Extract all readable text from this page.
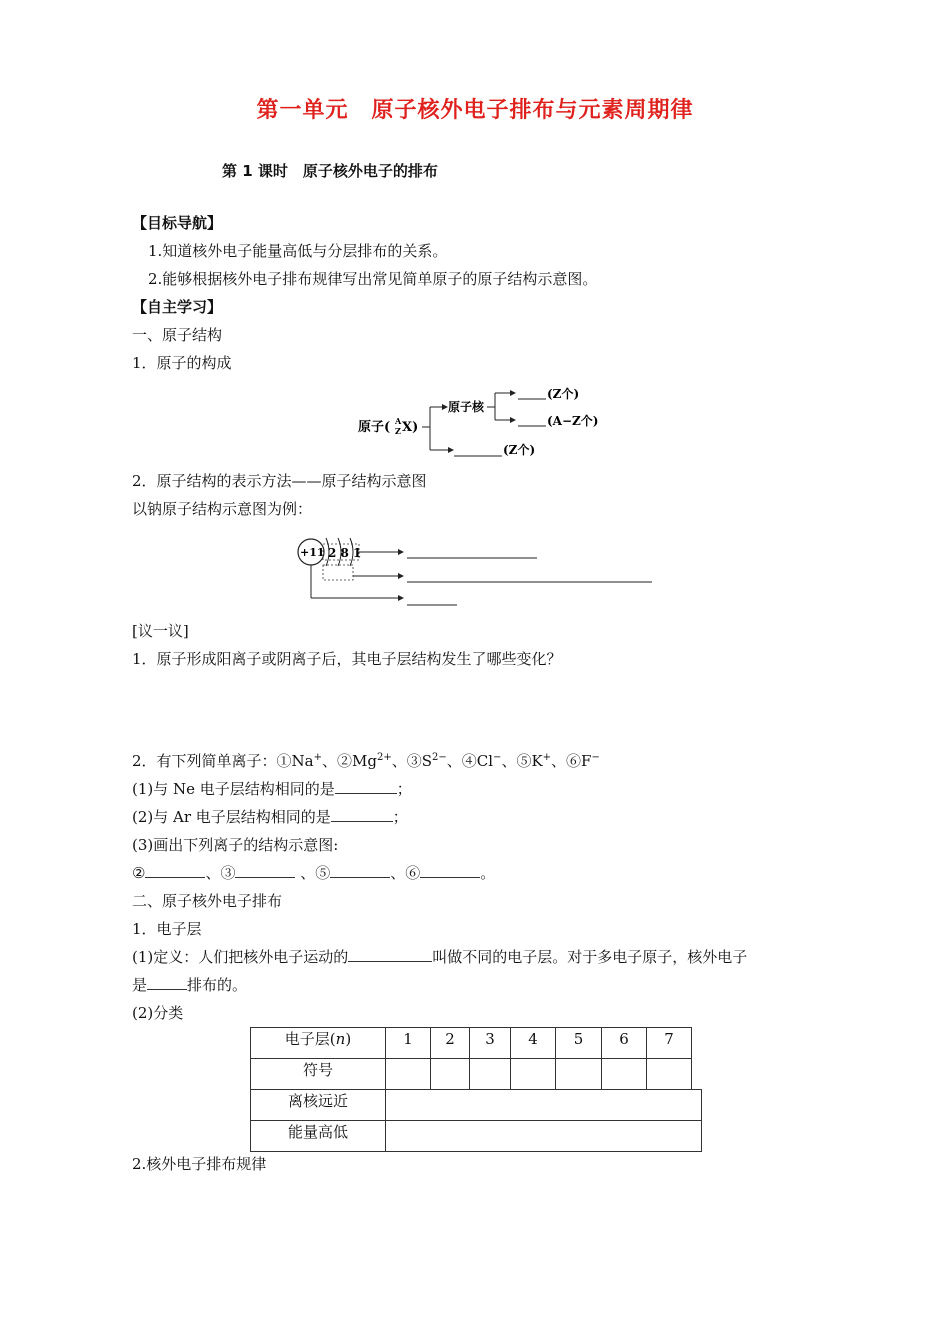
第一单元　原子核外电子排布与元素周期律
第 1 课时　原子核外电子的排布
【目标导航】
1.知道核外电子能量高低与分层排布的关系。
2.能够根据核外电子排布规律写出常见简单原子的原子结构示意图。
【自主学习】
一、原子结构
1．原子的构成
原子( A
Z X)
原子核
(Z个)
(A−Z个)
(Z个)
2．原子结构的表示方法——原子结构示意图
以钠原子结构示意图为例：
+11 2 8 1
[议一议]
1．原子形成阳离子或阴离子后，其电子层结构发生了哪些变化？
2．有下列简单离子：①Na+、$②Mg^{2+}$、$③S^{2-}$、④Cl−、⑤K+、⑥F−
(1)与 Ne 电子层结构相同的是	；
(2)与 Ar 电子层结构相同的是	；
(3)画出下列离子的结构示意图:
②	、③	、⑤	、⑥	。
二、原子核外电子排布
1．电子层
(1)定义：人们把核外电子运动的	叫做不同的电子层。对于多电子原子，核外电子
是	排布的。
(2)分类
电子层(n)	1	2	3	4	5	6	7	
符号								
离核远近								
能量高低								
2.核外电子排布规律
